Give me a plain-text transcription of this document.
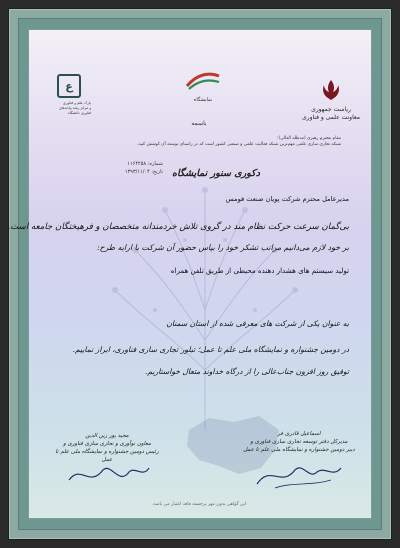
ع
پارک علم و فناوری
و مرکز رشد واحدهای
فناوری دانشگاه
نمایشگاه
ریاست جمهوری
معاونت علمی و فناوری
باسمه
مقام محترم رهبری (مدظله العالی):
شبکه تجاری سازی علمی مهم‌ترین شبکه فعالیت علمی و صنعتی کشور است که در راستای توسعه آن کوشش کنید.
شماره: ۱۱۶۴۲۵۸
تاریخ: ۱۳۹۳/۱۱/۰۴ دکوری سنور نمایشگاه
مدیرعامل محترم شرکت پویان صنعت قومس
بی‌گمان سرعت حرکت نظام مند در گروی تلاش خردمندانه متخصصان و فرهیختگان جامعه است.
بر خود لازم می‌دانیم مراتب تشکر خود را بپاس حضور آن شرکت با ارایه طرح:
تولید سیستم های هشدار دهنده محیطی از طریق تلفن همراه
به عنوان یکی از شرکت های معرفی شده از استان سمنان
در دومین جشنواره و نمایشگاه ملی علم تا عمل؛ تبلور تجاری سازی فناوری، ابراز نماییم.
توفیق روز افزون جناب‌عالی را از درگاه خداوند متعال خواستاریم.
اسماعیل قادری فر
مدیرکل دفتر توسعه تجاری سازی فناوری و
دبیر دومین جشنواره و نمایشگاه ملی علم تا عمل
مجید پور زین الدین
معاون نوآوری و تجاری سازی فناوری و
رئیس دومین جشنواره و نمایشگاه ملی علم تا عمل
این گواهی بدون مهر برجسته فاقد اعتبار می باشد.
